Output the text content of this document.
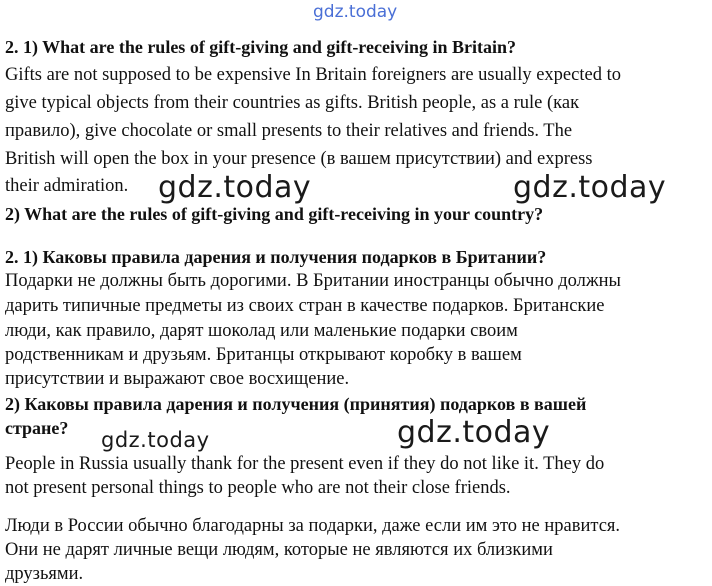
gdz.today
2. 1) What are the rules of gift-giving and gift-receiving in Britain?
Gifts are not supposed to be expensive In Britain foreigners are usually expected to
give typical objects from their countries as gifts. British people, as a rule (как
правило), give chocolate or small presents to their relatives and friends. The
British will open the box in your presence (в вашем присутствии) and express
their admiration.
2) What are the rules of gift-giving and gift-receiving in your country?
gdz.today	gdz.today
2. 1) Каковы правила дарения и получения подарков в Британии?
Подарки не должны быть дорогими. В Британии иностранцы обычно должны
дарить типичные предметы из своих стран в качестве подарков. Британские
люди, как правило, дарят шоколад или маленькие подарки своим
родственникам и друзьям. Британцы открывают коробку в вашем
присутствии и выражают свое восхищение.
2) Каковы правила дарения и получения (принятия) подарков в вашей
стране? gdz.today	gdz.today
People in Russia usually thank for the present even if they do not like it. They do
not present personal things to people who are not their close friends.
Люди в России обычно благодарны за подарки, даже если им это не нравится.
Они не дарят личные вещи людям, которые не являются их близкими
друзьями.
